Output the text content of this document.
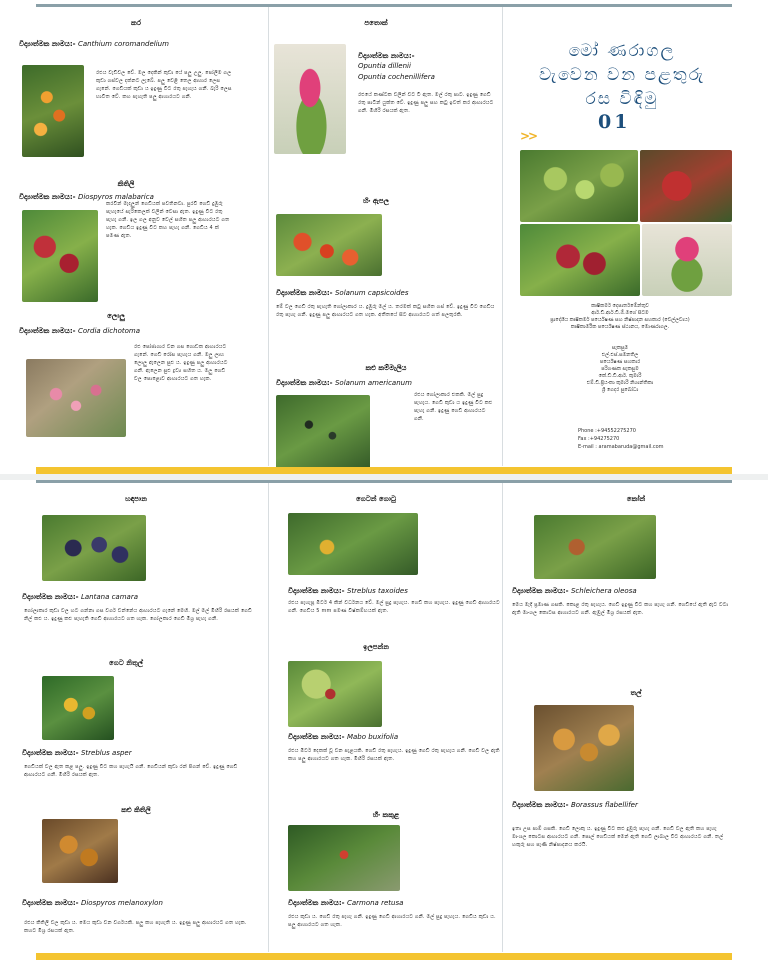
කර
විද්‍යාත්මක නාමය:- Canthium coromandelium
රළුය වැඩිවල වේ. මල දෙකින් කුඩා යේ පලු උලු. පෝලිම ගල කුඩා ගස්වල දක්නට ලැබේ. පලු වෙළි තෙල ආහාර ලෙස ගැනේ. ගෙඩියක් කුඩා ය ඉදුණු විට රතු පැහැය ගනී. බැරි ලෙස භාවිත වේ. කහ පැහැති පලු ආහාරයට ගනී.
කිතිලි
විද්‍යාත්මක නාමය:- Diospyros malabarica
කරවින් මැදලුන් ගෙඩියක් පවතිනවා. පුරවි ගෙඩි දුඹුරු පැහැයේ සැරිකෙලක් වලින් වෙසා ඇත. ඉදුණු විට රතු පැහැ ගනී. ඉල ගල අනුව වෙල් සහිත පලු ආහාරයට ගත හැක. ගෙඩිය ඉදුණු විට කහ පැහැ ගනී. ගෙඩිය 4 ක් පමණ ඇත.
ලොලු
විද්‍යාත්මක නාමය:- Cordia dichotoma
රළු පෝජාගාර වන ගස ගොඩක ආහාරයට ගැනේ. ගෙඩි රෝස පැහැය ගනී. මලු ලාභ ලොලු ඇලෙන සුළු ය. ඉදුණු පලු ආහාරයට ගනී. ඇලෙන සුළු ද්‍රව්‍ය සහිත ය. මලු ගෙඩි වල පොළොව ආහාරයට ගත හැක.
පතොක්
විද්‍යාත්මක නාමය:-
Opuntia dillenii
Opuntia cochenillifera
රළුයේ කණ්ටක වලින් වට වී ඇත. මල් රතු පාට. ඉදුණු ගෙඩි රතු පාටින් යුක්ත වේ. ඉදුණු පලු සහ කටු ඉවත් කර ආහාරයට ගනී. මිහිරි රසයක් ඇත.
හිං ඇපල
විද්‍යාත්මක නාමය:- Solanum capsicoides
මේ වල ගෙඩි රතු පැහැති ගෝලාකාර ය. දුඹුරු මල් ය. තරමක් කටු සහිත ගස් වේ. ඉදුණු විට ගෙඩිය රතු පැහැ ගනී. ඉදුණු පලු ආහාරයට ගත හැක. අතීතයේ සිට ආහාරයට ගත් පලතුරකි.
කළු කම්මැලිය
විද්‍යාත්මක නාමය:- Solanum americanum
රළුය ගෝලාකාර එකකි. මල් සුදු පැහැය. ගෙඩි කුඩා ය ඉදුණු විට කළු පැහැ ගනී. ඉදුණු ගෙඩි ආහාරයට ගනී.
මෝ ණරාගල
වැවෙන වන පළතුරු
රස විඳිමු
01
>>
කෘෂිකර්ම දෙපාර්තමේන්තුව
ආර්.ඩී.ආර්.ඩී.ඕ.මගේ සිටම
ප්‍රාදේශීය කෘෂිකර්ම පර්යේෂණ සහ නිෂ්පාදන සහකාර (වෙල්ලවාය)
කෘෂිකාර්මික පර්යේෂණ ස්ථානය, මොණරාගල.
සැකසුම
එල්.එස්.සමනතිල
පර්යේෂණ සහකාර
පරිගණක සැකසුම
කේ.ඩී.ඩී.ආර්. කුමාරි
එම්.ඩී.ප්‍රියංකා කුමාරි නිශාන්තිකා
ශ්‍රී ගෙදර සුබෝධා
Phone :+94552275270
Fax :+94275270
E-mail : aramabaruda@gmail.com
හඳපාන
විද්‍යාත්මක නාමය:- Lantana camara
ගෝලාකාර කුඩා වල හට ගන්නා ගස වර්ග වන්නේය ආහාරයට ගැනේ මෙහි. මල් මල් මිහිරි රසයක් ගෙඩි නිල් කළු ය. ඉදුණු කළු පැහැති ගෙඩි ආහාරයට ගත හැක. ගෝලකාර ගෙඩි මිශ්‍ර පැහැ ගනී.
ගෙට නිතුල්
විද්‍යාත්මක නාමය:- Streblus asper
ගෙඩියක් වල ඇත කළ පලු. ඉදුණු විට කහ පැහැයි ගනී. ගෙඩියන් කුඩා රන් පිගන් වේ. ඉදුණු ගෙඩි ආහාරයට ගනී. මිහිරි රසයක් ඇත.
කළු කිතිලි
විද්‍යාත්මක නාමය:- Diospyros melanoxylon
රළුය කිතිලි වල කුඩා ය. මෙය කුඩා වන වර්ගයකි. පලු කහ පැහැති ය. ඉදුණු පලු ආහාරයට ගත හැක. කහට මිශ්‍ර රසයක් ඇත.
ගෙටන් ගොටු
විද්‍යාත්මක නාමය:- Streblus taxoides
රළුය පැහැපූ මීටර් 4 කින් වර්ධනය වේ. මල් සුදු පැහැය. ගෙඩි කහ පැහැය. ඉදුණු ගෙඩි ආහාරයට ගනී. ගෙඩිය 5 mm පමණ විෂ්කම්භයක් ඇත.
ඉලපන්න
විද්‍යාත්මක නාමය:- Mabo buxifolia
රළුය මීටර් දෙකක් වූ වන පැළයකි. ගෙඩි රතු පැහැය. ඉදුණු ගෙඩි රතු පැහැය ගනී. ගෙඩි වල ඇති කහ පලු ආහාරයට ගත හැක. මිහිරි රසයක් ඇත.
හීං කකුළ
විද්‍යාත්මක නාමය:- Carmona retusa
රළුය කුඩා ය. ගෙඩි රතු පැහැ ගනී. ඉදුණු ගෙඩි ආහාරයට ගනී. මල් සුදු පැහැය. ගෙඩිය කුඩා ය. පලු ආහාරයට ගත හැක.
කෝන්
විද්‍යාත්මක නාමය:- Schleichera oleosa
මෙය මැදි ප්‍රමාණ ගසකි. කොළ රතු පැහැය. ගෙඩි ඉදුණු විට කහ පැහැ ගනී. ගෙඩියේ ඇති ඇට වටා ඇති මාංශල කොටස ආහාරයට ගනී. ඇඹුල් මිශ්‍ර රසයක් ඇත.
තල්
විද්‍යාත්මක නාමය:- Borassus flabellifer
ඉතා උස පාම් ගසකි. ගෙඩි ලොකු ය. ඉදුණු විට කළු දුඹුරු පැහැ ගනී. ගෙඩි වල ඇති කහ පැහැ මාංශල කොටස ආහාරයට ගනී. පොල් ගෙඩියක් මෙන් ඇති ගෙඩි ලාබාල විට ආහාරයට ගනී. තල් හකුරු සහ පැණි නිෂ්පාදනය කරයි.
